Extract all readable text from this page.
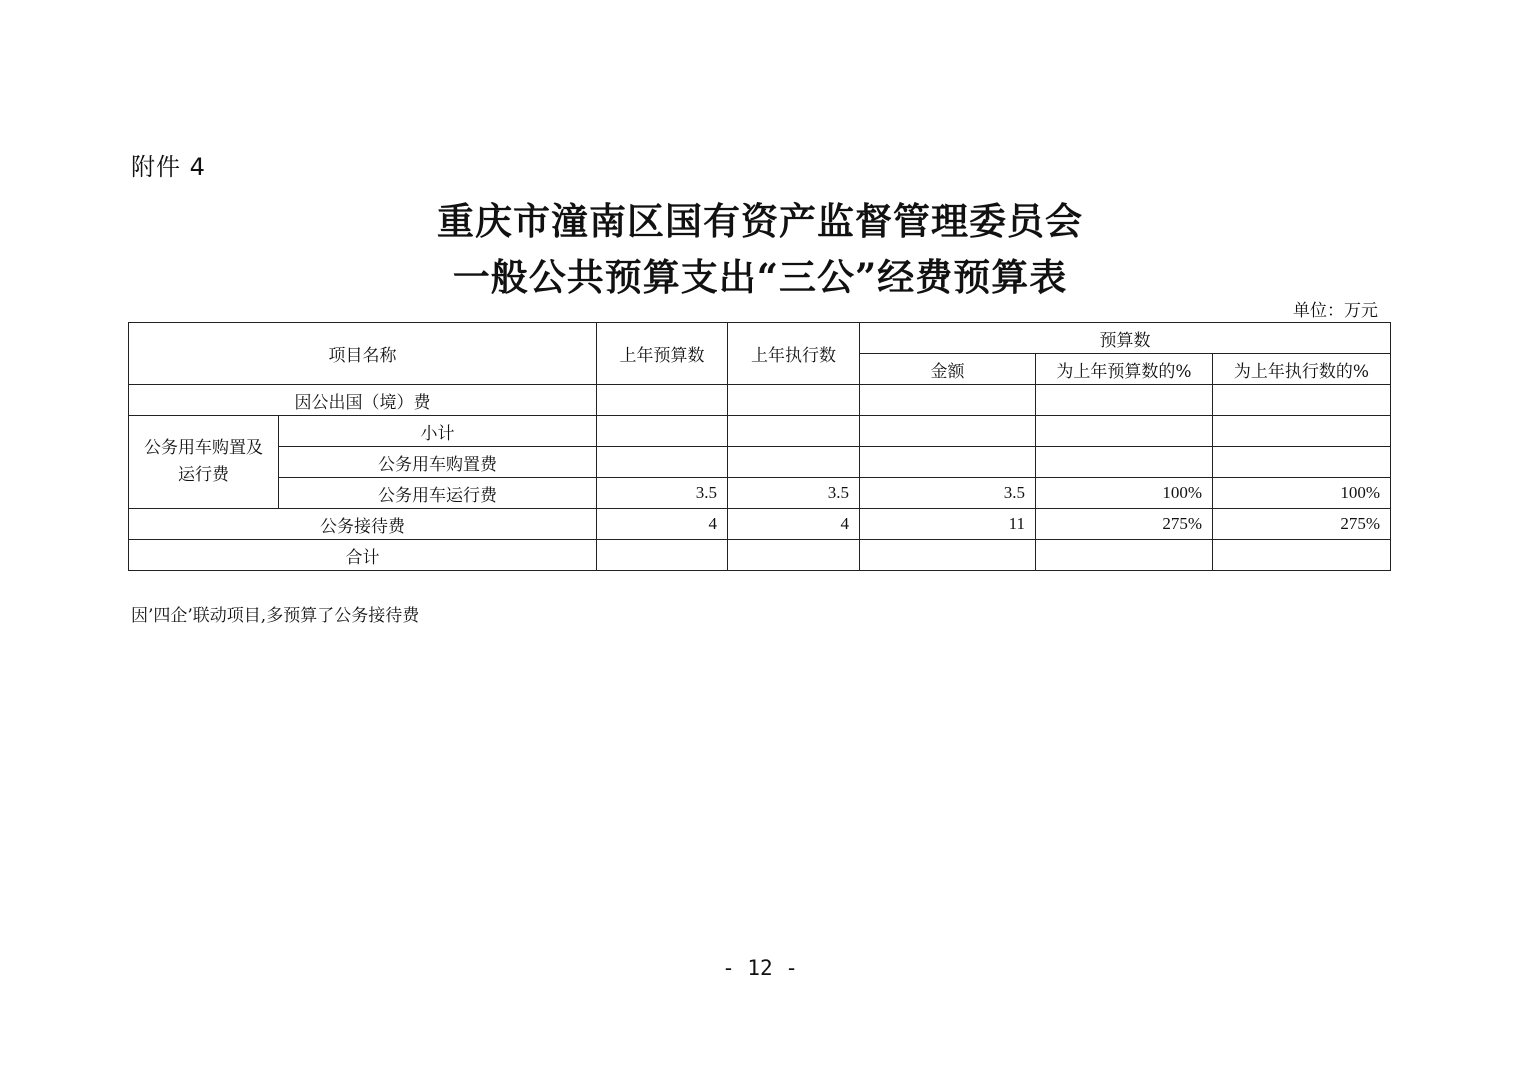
附件 4
重庆市潼南区国有资产监督管理委员会
一般公共预算支出“三公”经费预算表
单位：万元
项目名称		上年预算数	上年执行数	预算数		
				金额	为上年预算数的%	为上年执行数的%
因公出国（境）费						
公务用车购置及运行费	小计					
	公务用车购置费					
	公务用车运行费	3.5	3.5	3.5	100%	100%
公务接待费		4	4	11	275%	275%
合计						
因’四企’联动项目,多预算了公务接待费
- 12 -
